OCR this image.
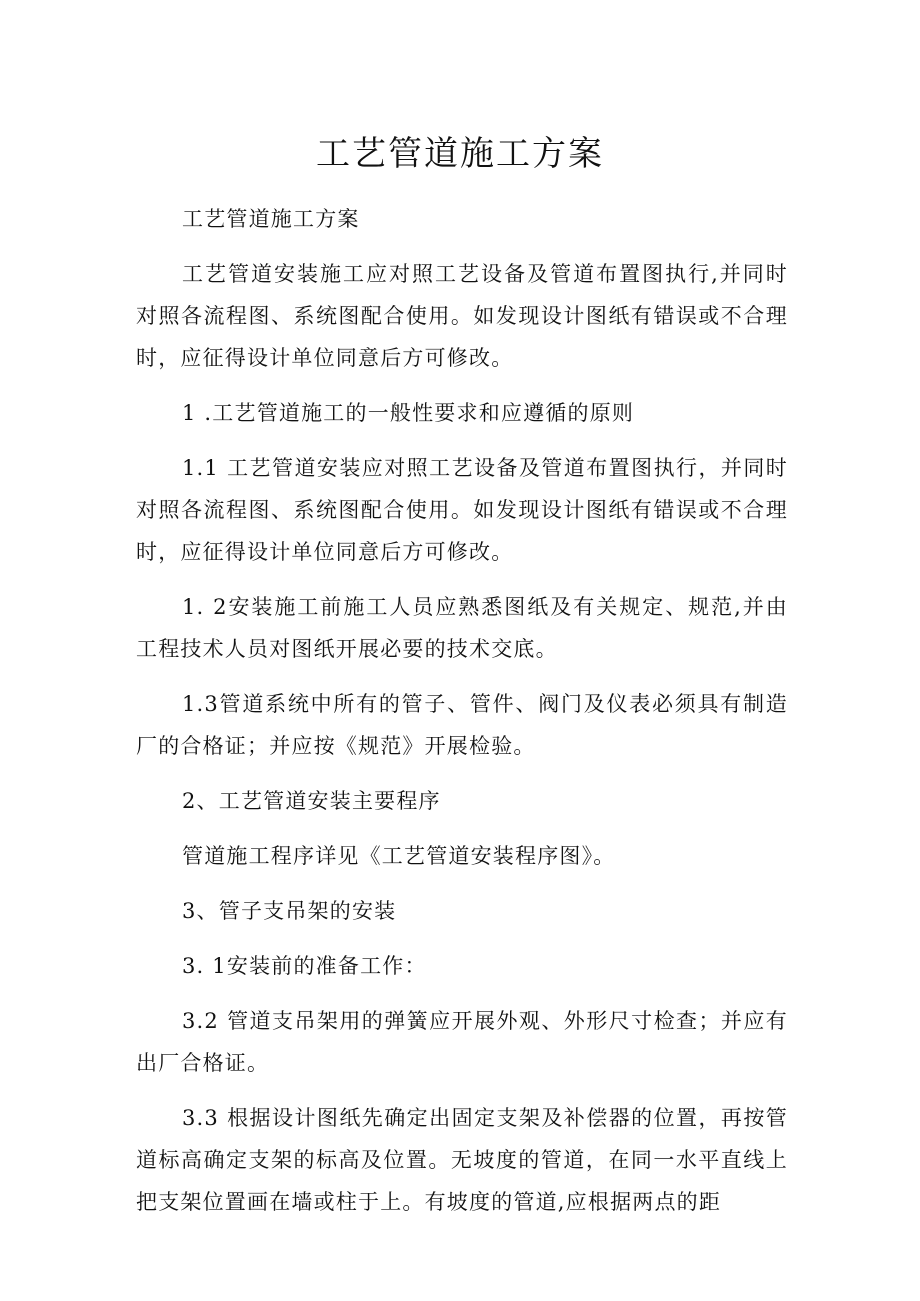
工艺管道施工方案

工艺管道施工方案

工艺管道安装施工应对照工艺设备及管道布置图执行,并同时对照各流程图、系统图配合使用。如发现设计图纸有错误或不合理时，应征得设计单位同意后方可修改。

1 .工艺管道施工的一般性要求和应遵循的原则

1.1 工艺管道安装应对照工艺设备及管道布置图执行，并同时对照各流程图、系统图配合使用。如发现设计图纸有错误或不合理时，应征得设计单位同意后方可修改。

1. 2安装施工前施工人员应熟悉图纸及有关规定、规范,并由工程技术人员对图纸开展必要的技术交底。

1.3管道系统中所有的管子、管件、阀门及仪表必须具有制造厂的合格证；并应按《规范》开展检验。

2、工艺管道安装主要程序

管道施工程序详见《工艺管道安装程序图》。

3、管子支吊架的安装

3. 1安装前的准备工作：

3.2 管道支吊架用的弹簧应开展外观、外形尺寸检查；并应有出厂合格证。

3.3 根据设计图纸先确定出固定支架及补偿器的位置，再按管道标高确定支架的标高及位置。无坡度的管道，在同一水平直线上把支架位置画在墙或柱于上。有坡度的管道,应根据两点的距
